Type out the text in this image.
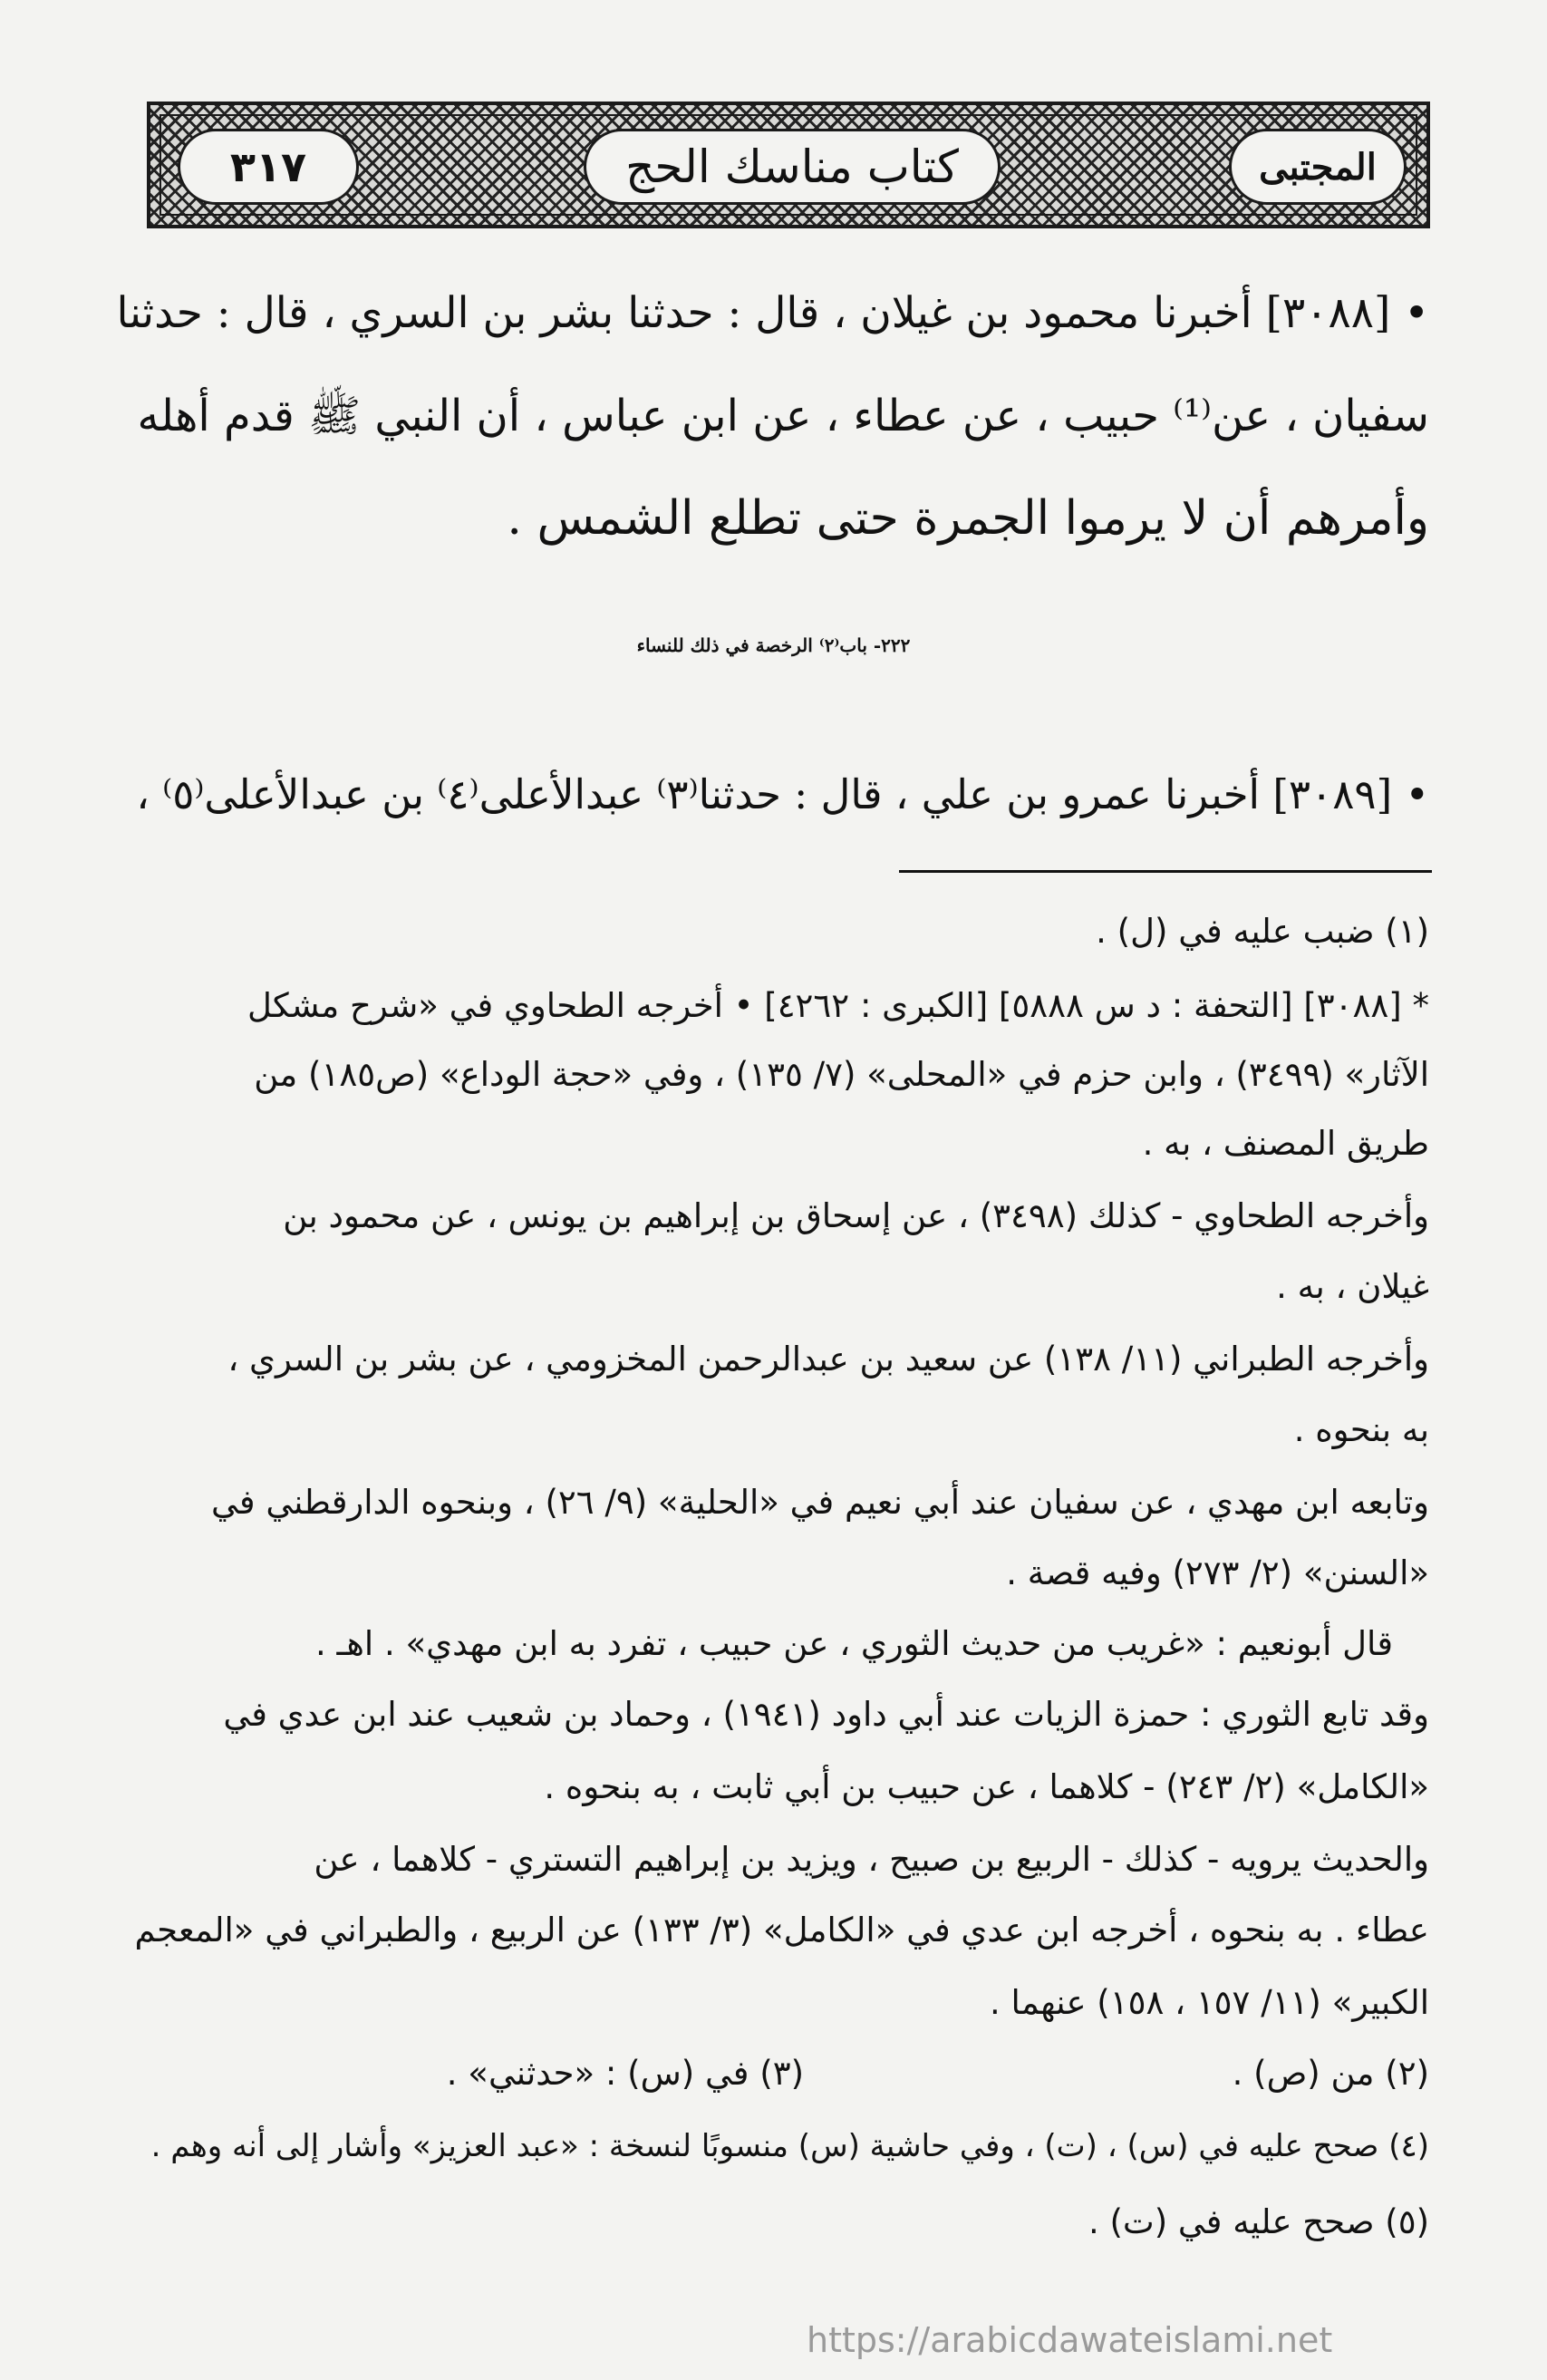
٣١٧	كتاب مناسك الحج	المجتبى
• [٣٠٨٨] أخبرنا محمود بن غيلان ، قال : حدثنا بشر بن السري ، قال : حدثنا
سفيان ، عن⁽¹⁾ حبيب ، عن عطاء ، عن ابن عباس ، أن النبي ﷺ قدم أهله
وأمرهم أن لا يرموا الجمرة حتى تطلع الشمس .
٢٢٢- باب⁽٢⁾ الرخصة في ذلك للنساء
• [٣٠٨٩] أخبرنا عمرو بن علي ، قال : حدثنا⁽٣⁾ عبدالأعلى⁽٤⁾ بن عبدالأعلى⁽٥⁾ ،
(١) ضبب عليه في (ل) .
* [٣٠٨٨] [التحفة : د س ٥٨٨٨] [الكبرى : ٤٢٦٢] • أخرجه الطحاوي في «شرح مشكل
الآثار» (٣٤٩٩) ، وابن حزم في «المحلى» (٧/ ١٣٥) ، وفي «حجة الوداع» (ص١٨٥) من
طريق المصنف ، به .
وأخرجه الطحاوي - كذلك (٣٤٩٨) ، عن إسحاق بن إبراهيم بن يونس ، عن محمود بن
غيلان ، به .
وأخرجه الطبراني (١١/ ١٣٨) عن سعيد بن عبدالرحمن المخزومي ، عن بشر بن السري ،
به بنحوه .
وتابعه ابن مهدي ، عن سفيان عند أبي نعيم في «الحلية» (٩/ ٢٦) ، وبنحوه الدارقطني في
«السنن» (٢/ ٢٧٣) وفيه قصة .
قال أبونعيم : «غريب من حديث الثوري ، عن حبيب ، تفرد به ابن مهدي» . اهـ .
وقد تابع الثوري : حمزة الزيات عند أبي داود (١٩٤١) ، وحماد بن شعيب عند ابن عدي في
«الكامل» (٢/ ٢٤٣) - كلاهما ، عن حبيب بن أبي ثابت ، به بنحوه .
والحديث يرويه - كذلك - الربيع بن صبيح ، ويزيد بن إبراهيم التستري - كلاهما ، عن
عطاء . به بنحوه ، أخرجه ابن عدي في «الكامل» (٣/ ١٣٣) عن الربيع ، والطبراني في «المعجم
الكبير» (١١/ ١٥٧ ، ١٥٨) عنهما .
(٢) من (ص) .
(٣) في (س) : «حدثني» .
(٤) صحح عليه في (س) ، (ت) ، وفي حاشية (س) منسوبًا لنسخة : «عبد العزيز» وأشار إلى أنه وهم .
(٥) صحح عليه في (ت) .
https://arabicdawateislami.net
